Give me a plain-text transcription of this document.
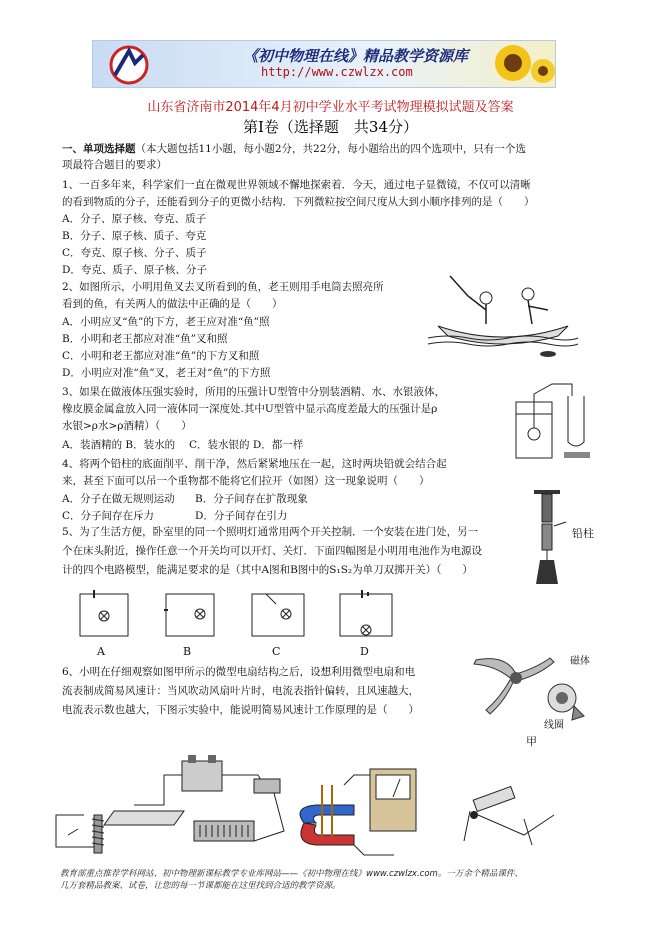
《初中物理在线》精品教学资源库
http://www.czwlzx.com
山东省济南市2014年4月初中学业水平考试物理模拟试题及答案
第Ⅰ卷（选择题　共34分）
一、单项选择题（本大题包括11小题，每小题2分，共22分，每小题给出的四个选项中，只有一个选
项最符合题目的要求）
1、一百多年来，科学家们一直在微观世界领域不懈地探索着．今天，通过电子显微镜，不仅可以清晰
的看到物质的分子，还能看到分子的更微小结构．下列微粒按空间尺度从大到小顺序排列的是（　　）
A．分子、原子核、夸克、质子
B．分子、原子核、质子、夸克
C．夸克、原子核、分子、质子
D．夸克、质子、原子核、分子
2、如图所示，小明用鱼叉去叉所看到的鱼，老王则用手电筒去照亮所
看到的鱼，有关两人的做法中正确的是（　　）
A．小明应叉“鱼”的下方，老王应对准“鱼”照
B．小明和老王都应对准“鱼”叉和照
C．小明和老王都应对准“鱼”的下方叉和照
D．小明应对准“鱼”叉，老王对“鱼”的下方照
3、如果在做液体压强实验时，所用的压强计U型管中分别装酒精、水、水银液体，
橡皮膜金属盒放入同一液体同一深度处.其中U型管中显示高度差最大的压强计是ρ
水银>ρ水>ρ酒精）（　　）
A．装酒精的 B．装水的　 C．装水银的 D．都一样
4、将两个铅柱的底面削平、削干净，然后紧紧地压在一起，这时两块铅就会结合起
来，甚至下面可以吊一个重物都不能将它们拉开（如图）这一现象说明（　　）
A．分子在做无规则运动 B．分子间存在扩散现象
C．分子间存在斥力	D．分子间存在引力
铅柱
5、为了生活方便，卧室里的同一个照明灯通常用两个开关控制．一个安装在进门处，另一
个在床头附近，操作任意一个开关均可以开灯、关灯．下面四幅图是小明用电池作为电源设
计的四个电路模型，能满足要求的是（其中A图和B图中的S₁S₂为单刀双掷开关）（　　）
A	B	C	D
6、小明在仔细观察如图甲所示的微型电扇结构之后，设想利用微型电扇和电
流表制成简易风速计：当风吹动风扇叶片时，电流表指针偏转，且风速越大，
电流表示数也越大，下图示实验中，能说明简易风速计工作原理的是（　　）
磁体
线圈
甲
教育部重点推荐学科网站、初中物理新课标教学专业库网站——《初中物理在线》www.czwlzx.com。一万余个精品课件、
几万套精品教案、试卷，让您的每一节课都能在这里找到合适的教学资源。
